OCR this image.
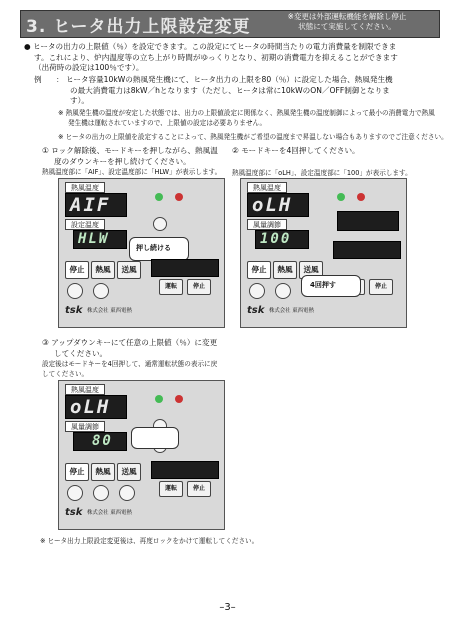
3. ヒータ出力上限設定変更
※変更は外部運転機能を解除し停止
状態にて実施してください。
● ヒータの出力の上限値（％）を設定できます。この設定にてヒータの時間当たりの電力消費量を制限できま
す。これにより、炉内温度等の立ち上がり時間がゆっくりとなり、初期の消費電力を抑えることができます
（出荷時の設定は100％です）。
例 ： ヒータ容量10kWの熱風発生機にて、ヒータ出力の上限を80（％）に設定した場合、熱風発生機
の最大消費電力は8kW／hとなります（ただし、ヒータは常に10kWのON／OFF制御となりま
す）。
※ 熱風発生機の温度が安定した状態では、出力の上限値設定に関係なく、熱風発生機の温度制御によって最小の消費電力で熱風
発生機は運転されていますので、上限値の設定は必要ありません。
※ ヒータの出力の上限値を設定することによって、熱風発生機がご希望の温度まで昇温しない場合もありますのでご注意ください。
① ロック解除後、モードキーを押しながら、熱風温
度のダウンキーを押し続けてください。
熱風温度部に「AIF」、設定温度部に「HLW」が表示します。
② モードキーを4回押してください。
熱風温度部に「oLH」、設定温度部に「100」が表示します。
熱風温度
AIF
設定温度
HLW
押し続ける
停止	熱風	送風
運転	停止
tsk 株式会社 東西電熱
熱風温度
oLH
風量調節
100
停止	熱風	送風
停止
4回押す
tsk 株式会社 東西電熱
③ アップダウンキーにて任意の上限値（％）に変更
してください。
設定後はモードキーを4回押して、通常運転状態の表示に戻
してください。
熱風温度
oLH
風量調節
80
停止	熱風	送風
運転	停止
tsk 株式会社 東西電熱
※ ヒータ出力上限設定変更後は、再度ロックをかけて運転してください。
–3–
